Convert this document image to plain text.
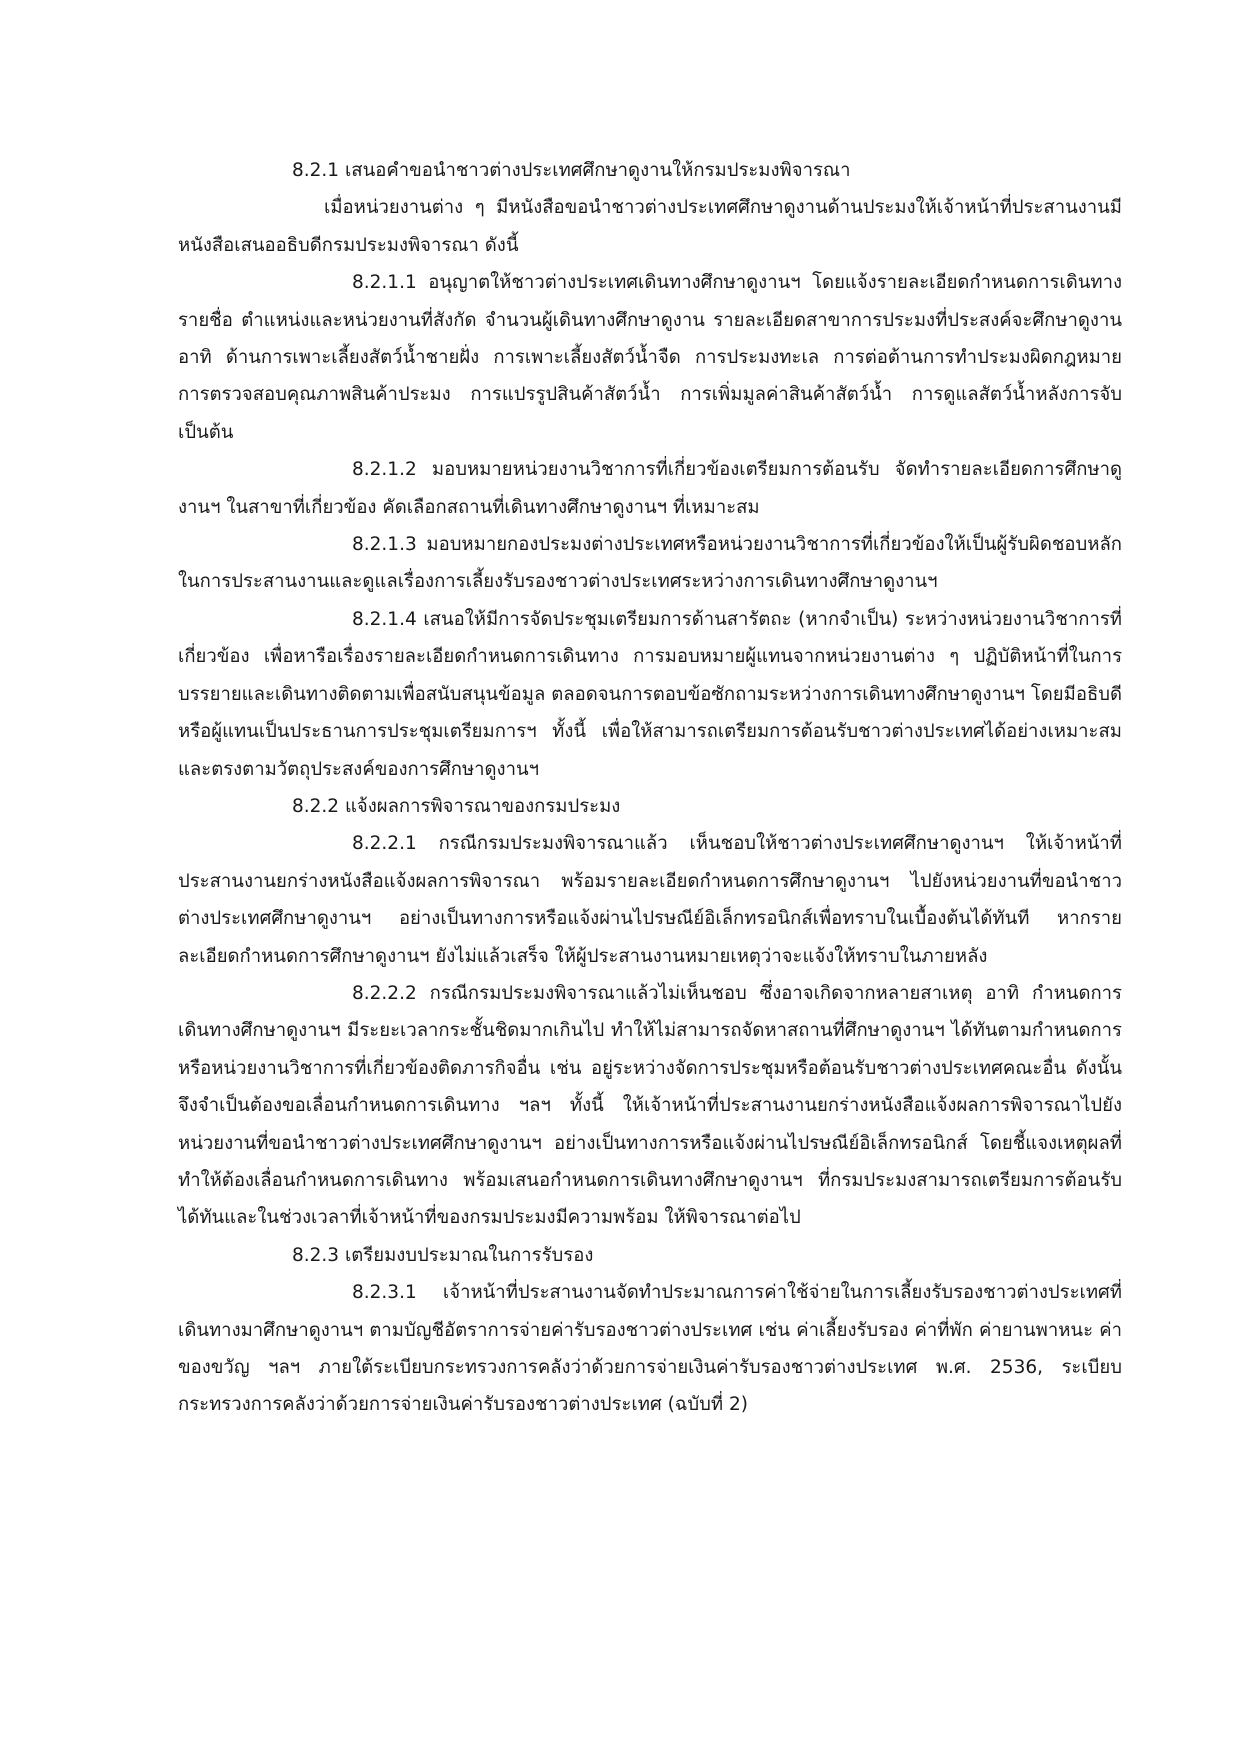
8.2.1 เสนอคำขอนำชาวต่างประเทศศึกษาดูงานให้กรมประมงพิจารณา

เมื่อหน่วยงานต่าง ๆ มีหนังสือขอนำชาวต่างประเทศศึกษาดูงานด้านประมงให้เจ้าหน้าที่ประสานงานมีหนังสือเสนออธิบดีกรมประมงพิจารณา ดังนี้

8.2.1.1 อนุญาตให้ชาวต่างประเทศเดินทางศึกษาดูงานฯ โดยแจ้งรายละเอียดกำหนดการเดินทาง รายชื่อ ตำแหน่งและหน่วยงานที่สังกัด จำนวนผู้เดินทางศึกษาดูงาน รายละเอียดสาขาการประมงที่ประสงค์จะศึกษาดูงาน อาทิ ด้านการเพาะเลี้ยงสัตว์น้ำชายฝั่ง การเพาะเลี้ยงสัตว์น้ำจืด การประมงทะเล การต่อต้านการทำประมงผิดกฎหมาย การตรวจสอบคุณภาพสินค้าประมง การแปรรูปสินค้าสัตว์น้ำ การเพิ่มมูลค่าสินค้าสัตว์น้ำ การดูแลสัตว์น้ำหลังการจับ เป็นต้น

8.2.1.2 มอบหมายหน่วยงานวิชาการที่เกี่ยวข้องเตรียมการต้อนรับ จัดทำรายละเอียดการศึกษาดูงานฯ ในสาขาที่เกี่ยวข้อง คัดเลือกสถานที่เดินทางศึกษาดูงานฯ ที่เหมาะสม

8.2.1.3 มอบหมายกองประมงต่างประเทศหรือหน่วยงานวิชาการที่เกี่ยวข้องให้เป็นผู้รับผิดชอบหลักในการประสานงานและดูแลเรื่องการเลี้ยงรับรองชาวต่างประเทศระหว่างการเดินทางศึกษาดูงานฯ

8.2.1.4 เสนอให้มีการจัดประชุมเตรียมการด้านสารัตถะ (หากจำเป็น) ระหว่างหน่วยงานวิชาการที่เกี่ยวข้อง เพื่อหารือเรื่องรายละเอียดกำหนดการเดินทาง การมอบหมายผู้แทนจากหน่วยงานต่าง ๆ ปฏิบัติหน้าที่ในการบรรยายและเดินทางติดตามเพื่อสนับสนุนข้อมูล ตลอดจนการตอบข้อซักถามระหว่างการเดินทางศึกษาดูงานฯ โดยมีอธิบดีหรือผู้แทนเป็นประธานการประชุมเตรียมการฯ ทั้งนี้ เพื่อให้สามารถเตรียมการต้อนรับชาวต่างประเทศได้อย่างเหมาะสมและตรงตามวัตถุประสงค์ของการศึกษาดูงานฯ

8.2.2 แจ้งผลการพิจารณาของกรมประมง

8.2.2.1 กรณีกรมประมงพิจารณาแล้ว เห็นชอบให้ชาวต่างประเทศศึกษาดูงานฯ ให้เจ้าหน้าที่ประสานงานยกร่างหนังสือแจ้งผลการพิจารณา พร้อมรายละเอียดกำหนดการศึกษาดูงานฯ ไปยังหน่วยงานที่ขอนำชาวต่างประเทศศึกษาดูงานฯ อย่างเป็นทางการหรือแจ้งผ่านไปรษณีย์อิเล็กทรอนิกส์เพื่อทราบในเบื้องต้นได้ทันที หากรายละเอียดกำหนดการศึกษาดูงานฯ ยังไม่แล้วเสร็จ ให้ผู้ประสานงานหมายเหตุว่าจะแจ้งให้ทราบในภายหลัง

8.2.2.2 กรณีกรมประมงพิจารณาแล้วไม่เห็นชอบ ซึ่งอาจเกิดจากหลายสาเหตุ อาทิ กำหนดการเดินทางศึกษาดูงานฯ มีระยะเวลากระชั้นชิดมากเกินไป ทำให้ไม่สามารถจัดหาสถานที่ศึกษาดูงานฯ ได้ทันตามกำหนดการหรือหน่วยงานวิชาการที่เกี่ยวข้องติดภารกิจอื่น เช่น อยู่ระหว่างจัดการประชุมหรือต้อนรับชาวต่างประเทศคณะอื่น ดังนั้น จึงจำเป็นต้องขอเลื่อนกำหนดการเดินทาง ฯลฯ ทั้งนี้ ให้เจ้าหน้าที่ประสานงานยกร่างหนังสือแจ้งผลการพิจารณาไปยังหน่วยงานที่ขอนำชาวต่างประเทศศึกษาดูงานฯ อย่างเป็นทางการหรือแจ้งผ่านไปรษณีย์อิเล็กทรอนิกส์ โดยชี้แจงเหตุผลที่ทำให้ต้องเลื่อนกำหนดการเดินทาง พร้อมเสนอกำหนดการเดินทางศึกษาดูงานฯ ที่กรมประมงสามารถเตรียมการต้อนรับได้ทันและในช่วงเวลาที่เจ้าหน้าที่ของกรมประมงมีความพร้อม ให้พิจารณาต่อไป

8.2.3 เตรียมงบประมาณในการรับรอง

8.2.3.1 เจ้าหน้าที่ประสานงานจัดทำประมาณการค่าใช้จ่ายในการเลี้ยงรับรองชาวต่างประเทศที่เดินทางมาศึกษาดูงานฯ ตามบัญชีอัตราการจ่ายค่ารับรองชาวต่างประเทศ เช่น ค่าเลี้ยงรับรอง ค่าที่พัก ค่ายานพาหนะ ค่าของขวัญ ฯลฯ ภายใต้ระเบียบกระทรวงการคลังว่าด้วยการจ่ายเงินค่ารับรองชาวต่างประเทศ พ.ศ. 2536, ระเบียบกระทรวงการคลังว่าด้วยการจ่ายเงินค่ารับรองชาวต่างประเทศ (ฉบับที่ 2)
